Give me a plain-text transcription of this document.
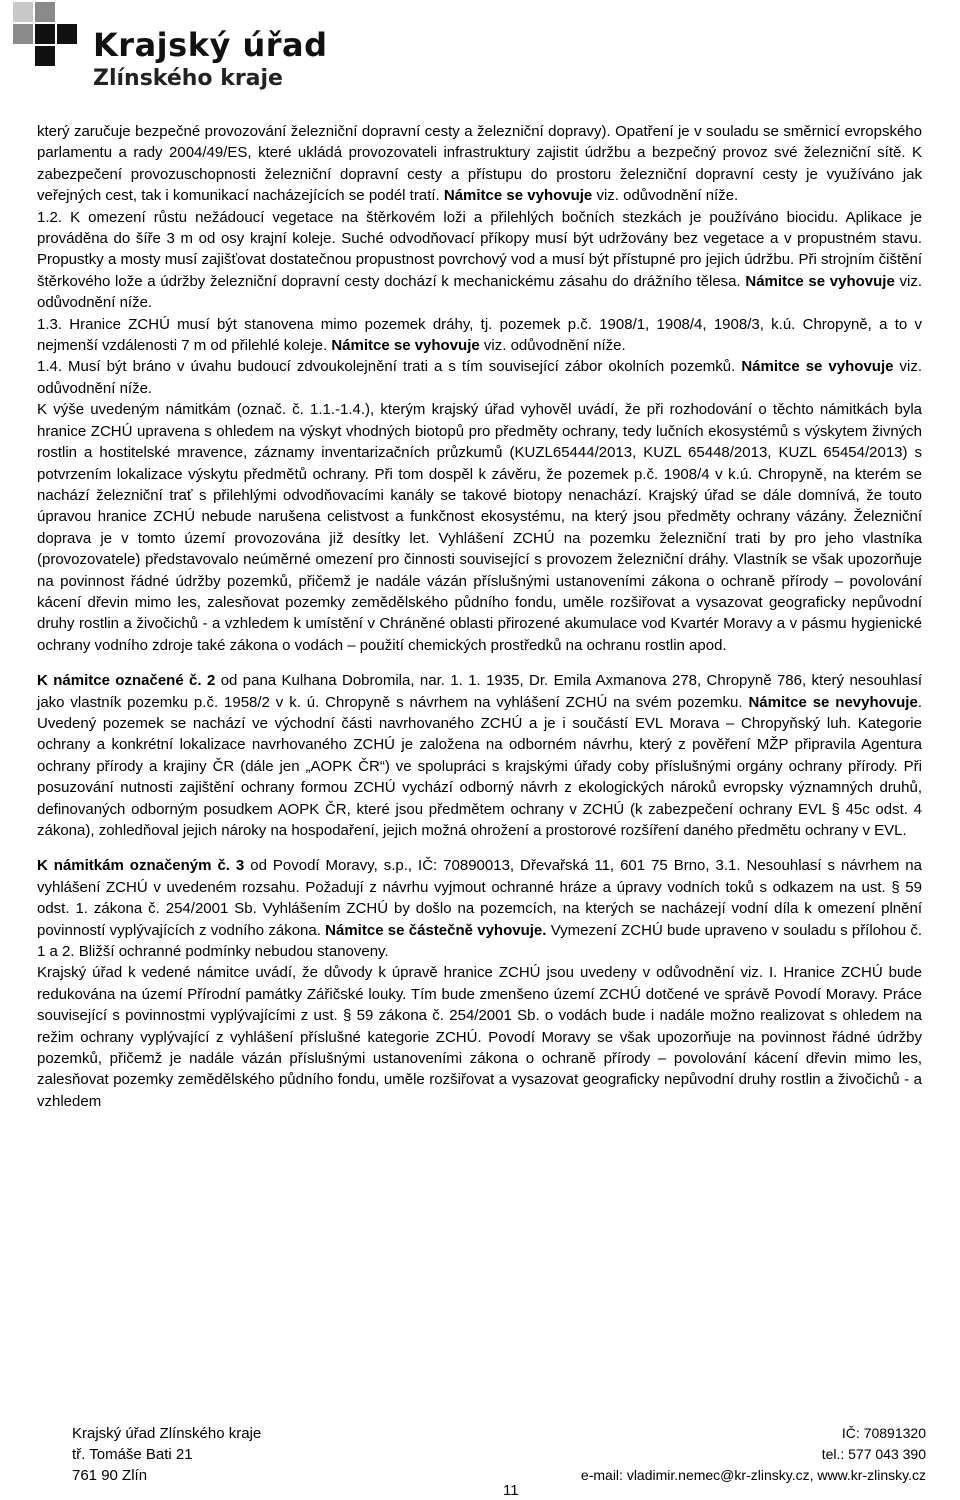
Krajský úřad
Zlínského kraje

který zaručuje bezpečné provozování železniční dopravní cesty a železniční dopravy). Opatření je v souladu se směrnicí evropského parlamentu a rady 2004/49/ES, které ukládá provozovateli infrastruktury zajistit údržbu a bezpečný provoz své železniční sítě. K zabezpečení provozuschopnosti železniční dopravní cesty a přístupu do prostoru železniční dopravní cesty je využíváno jak veřejných cest, tak i komunikací nacházejících se podél tratí. Námitce se vyhovuje viz. odůvodnění níže.

1.2. K omezení růstu nežádoucí vegetace na štěrkovém loži a přilehlých bočních stezkách je používáno biocidu. Aplikace je prováděna do šíře 3 m od osy krajní koleje. Suché odvodňovací příkopy musí být udržovány bez vegetace a v propustném stavu. Propustky a mosty musí zajišťovat dostatečnou propustnost povrchový vod a musí být přístupné pro jejich údržbu. Při strojním čištění štěrkového lože a údržby železniční dopravní cesty dochází k mechanickému zásahu do drážního tělesa. Námitce se vyhovuje viz. odůvodnění níže.

1.3. Hranice ZCHÚ musí být stanovena mimo pozemek dráhy, tj. pozemek p.č. 1908/1, 1908/4, 1908/3, k.ú. Chropyně, a to v nejmenší vzdálenosti 7 m od přilehlé koleje. Námitce se vyhovuje viz. odůvodnění níže.

1.4. Musí být bráno v úvahu budoucí zdvoukolejnění trati a s tím související zábor okolních pozemků. Námitce se vyhovuje viz. odůvodnění níže.

K výše uvedeným námitkám (označ. č. 1.1.-1.4.), kterým krajský úřad vyhověl uvádí, že při rozhodování o těchto námitkách byla hranice ZCHÚ upravena s ohledem na výskyt vhodných biotopů pro předměty ochrany, tedy lučních ekosystémů s výskytem živných rostlin a hostitelské mravence, záznamy inventarizačních průzkumů (KUZL65444/2013, KUZL 65448/2013, KUZL 65454/2013) s potvrzením lokalizace výskytu předmětů ochrany. Při tom dospěl k závěru, že pozemek p.č. 1908/4 v k.ú. Chropyně, na kterém se nachází železniční trať s přilehlými odvodňovacími kanály se takové biotopy nenachází. Krajský úřad se dále domnívá, že touto úpravou hranice ZCHÚ nebude narušena celistvost a funkčnost ekosystému, na který jsou předměty ochrany vázány. Železniční doprava je v tomto území provozována již desítky let. Vyhlášení ZCHÚ na pozemku železniční trati by pro jeho vlastníka (provozovatele) představovalo neúměrné omezení pro činnosti související s provozem železniční dráhy. Vlastník se však upozorňuje na povinnost řádné údržby pozemků, přičemž je nadále vázán příslušnými ustanoveními zákona o ochraně přírody – povolování kácení dřevin mimo les, zalesňovat pozemky zemědělského půdního fondu, uměle rozšiřovat a vysazovat geograficky nepůvodní druhy rostlin a živočichů - a vzhledem k umístění v Chráněné oblasti přirozené akumulace vod Kvartér Moravy a v pásmu hygienické ochrany vodního zdroje také zákona o vodách – použití chemických prostředků na ochranu rostlin apod.

K námitce označené č. 2 od pana Kulhana Dobromila, nar. 1. 1. 1935, Dr. Emila Axmanova 278, Chropyně 786, který nesouhlasí jako vlastník pozemku p.č. 1958/2 v k. ú. Chropyně s návrhem na vyhlášení ZCHÚ na svém pozemku. Námitce se nevyhovuje. Uvedený pozemek se nachází ve východní části navrhovaného ZCHÚ a je i součástí EVL Morava – Chropyňský luh. Kategorie ochrany a konkrétní lokalizace navrhovaného ZCHÚ je založena na odborném návrhu, který z pověření MŽP připravila Agentura ochrany přírody a krajiny ČR (dále jen „AOPK ČR“) ve spolupráci s krajskými úřady coby příslušnými orgány ochrany přírody. Při posuzování nutnosti zajištění ochrany formou ZCHÚ vychází odborný návrh z ekologických nároků evropsky významných druhů, definovaných odborným posudkem AOPK ČR, které jsou předmětem ochrany v ZCHÚ (k zabezpečení ochrany EVL § 45c odst. 4 zákona), zohledňoval jejich nároky na hospodaření, jejich možná ohrožení a prostorové rozšíření daného předmětu ochrany v EVL.

K námitkám označeným č. 3 od Povodí Moravy, s.p., IČ: 70890013, Dřevařská 11, 601 75 Brno, 3.1. Nesouhlasí s návrhem na vyhlášení ZCHÚ v uvedeném rozsahu. Požadují z návrhu vyjmout ochranné hráze a úpravy vodních toků s odkazem na ust. § 59 odst. 1. zákona č. 254/2001 Sb. Vyhlášením ZCHÚ by došlo na pozemcích, na kterých se nacházejí vodní díla k omezení plnění povinností vyplývajících z vodního zákona. Námitce se částečně vyhovuje. Vymezení ZCHÚ bude upraveno v souladu s přílohou č. 1 a 2. Bližší ochranné podmínky nebudou stanoveny.

Krajský úřad k vedené námitce uvádí, že důvody k úpravě hranice ZCHÚ jsou uvedeny v odůvodnění viz. I. Hranice ZCHÚ bude redukována na území Přírodní památky Zářičské louky. Tím bude zmenšeno území ZCHÚ dotčené ve správě Povodí Moravy. Práce související s povinnostmi vyplývajícími z ust. § 59 zákona č. 254/2001 Sb. o vodách bude i nadále možno realizovat s ohledem na režim ochrany vyplývající z vyhlášení příslušné kategorie ZCHÚ. Povodí Moravy se však upozorňuje na povinnost řádné údržby pozemků, přičemž je nadále vázán příslušnými ustanoveními zákona o ochraně přírody – povolování kácení dřevin mimo les, zalesňovat pozemky zemědělského půdního fondu, uměle rozšiřovat a vysazovat geograficky nepůvodní druhy rostlin a živočichů - a vzhledem

Krajský úřad Zlínského kraje
tř. Tomáše Bati 21
761 90 Zlín
IČ: 70891320
tel.: 577 043 390
e-mail: vladimir.nemec@kr-zlinsky.cz, www.kr-zlinsky.cz
11
